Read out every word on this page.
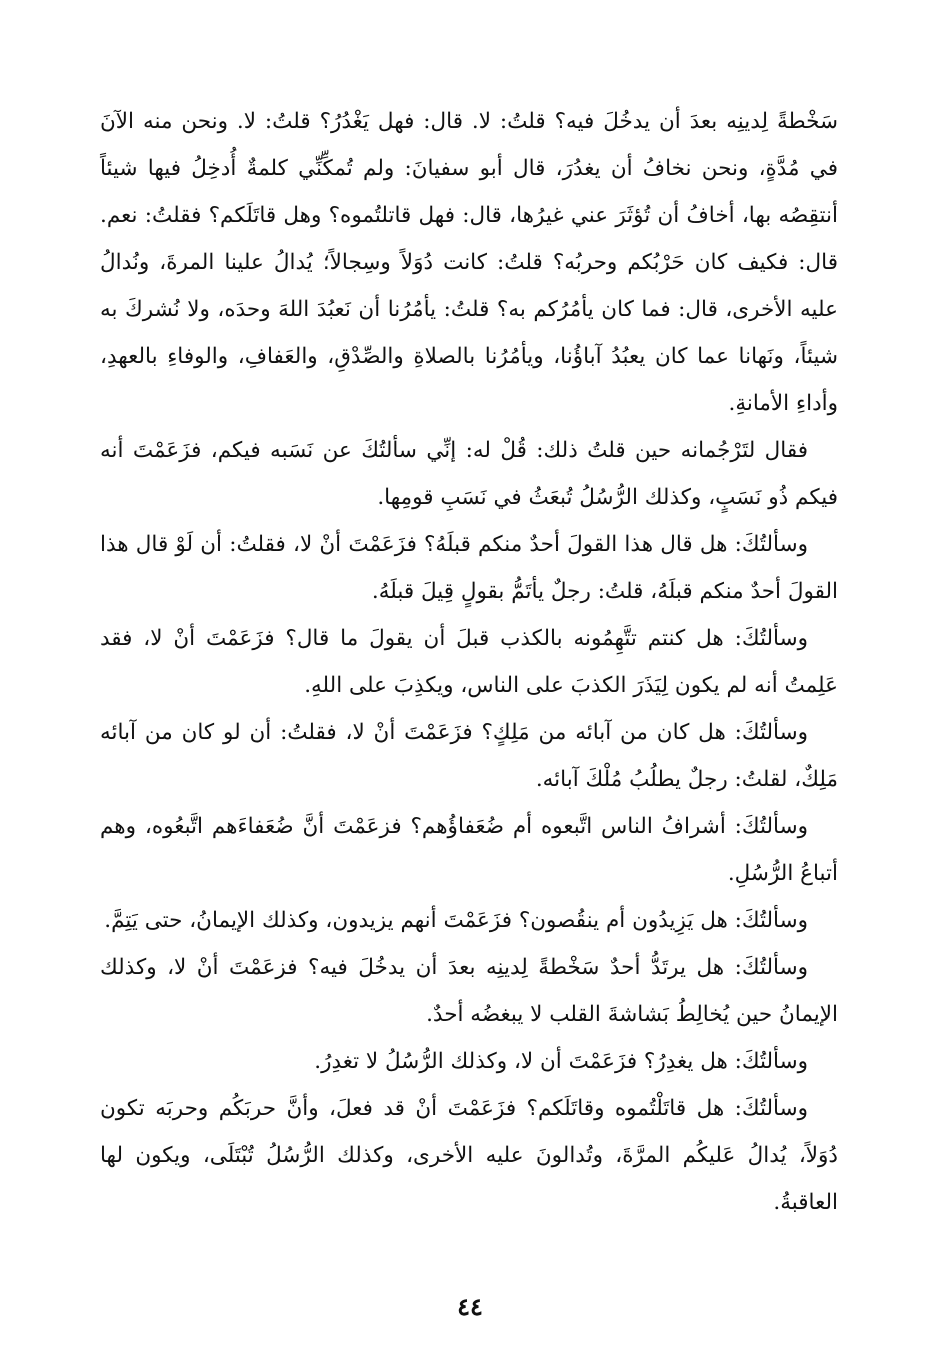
سَخْطةً لِدينِه بعدَ أن يدخُلَ فيه؟ قلتُ: لا. قال: فهل يَغْدُرُ؟ قلتُ: لا. ونحن منه الآنَ في مُدَّةٍ، ونحن نخافُ أن يغدُرَ، قال أبو سفيانَ: ولم تُمكِّنِّي كلمةٌ أُدخِلُ فيها شيئاً أنتقِصُه بها، أخافُ أن تُؤثَرَ عني غيرُها، قال: فهل قاتلتُموه؟ وهل قاتَلَكم؟ فقلتُ: نعم. قال: فكيف كان حَرْبُكم وحربُه؟ قلتُ: كانت دُوَلاً وسِجالاً؛ يُدالُ علينا المرةَ، ونُدالُ عليه الأخرى، قال: فما كان يأمُرُكم به؟ قلتُ: يأمُرُنا أن نَعبُدَ اللهَ وحدَه، ولا نُشركَ به شيئاً، ونَهانا عما كان يعبُدُ آباؤُنا، ويأمُرُنا بالصلاةِ والصِّدْقِ، والعَفافِ، والوفاءِ بالعهدِ، وأداءِ الأمانةِ.

فقال لتَرْجُمانه حين قلتُ ذلك: قُلْ له: إنِّي سألتُكَ عن نَسَبه فيكم، فزَعَمْتَ أنه فيكم ذُو نَسَبٍ، وكذلك الرُّسُلُ تُبعَثُ في نَسَبِ قومِها.

وسألتُكَ: هل قال هذا القولَ أحدٌ منكم قبلَهُ؟ فزَعَمْتَ أنْ لا، فقلتُ: أن لَوْ قال هذا القولَ أحدٌ منكم قبلَهُ، قلتُ: رجلٌ يأتَمُّ بقولٍ قِيلَ قبلَهُ.

وسألتُكَ: هل كنتم تتَّهِمُونه بالكذب قبلَ أن يقولَ ما قال؟ فزَعَمْتَ أنْ لا، فقد عَلِمتُ أنه لم يكون لِيَذَرَ الكذبَ على الناس، ويكذِبَ على اللهِ.

وسألتُكَ: هل كان من آبائه من مَلِكٍ؟ فزَعَمْتَ أنْ لا، فقلتُ: أن لو كان من آبائه مَلِكٌ، لقلتُ: رجلٌ يطلُبُ مُلْكَ آبائه.

وسألتُكَ: أشرافُ الناس اتَّبعوه أم ضُعَفاؤُهم؟ فزعَمْتَ أنَّ ضُعَفاءَهم اتَّبعُوه، وهم أتباعُ الرُّسُلِ.

وسألتُكَ: هل يَزِيدُون أم ينقُصون؟ فزَعَمْتَ أنهم يزيدون، وكذلك الإيمانُ، حتى يَتِمَّ.

وسألتُكَ: هل يرتَدُّ أحدٌ سَخْطةً لِدينِه بعدَ أن يدخُلَ فيه؟ فزعَمْتَ أنْ لا، وكذلك الإيمانُ حين يُخالِطُ بَشاشةَ القلب لا يبغضُه أحدٌ.

وسألتُكَ: هل يغدِرُ؟ فزَعَمْتَ أن لا، وكذلك الرُّسُلُ لا تغدِرُ.

وسألتُكَ: هل قاتَلْتُموه وقاتَلَكم؟ فزَعَمْتَ أنْ قد فعلَ، وأنَّ حربَكُم وحربَه تكون دُوَلاً، يُدالُ عَليكُم المرَّةَ، وتُدالونَ عليه الأخرى، وكذلك الرُّسُلُ تُبْتَلَى، ويكون لها العاقبةُ.

٤٤
